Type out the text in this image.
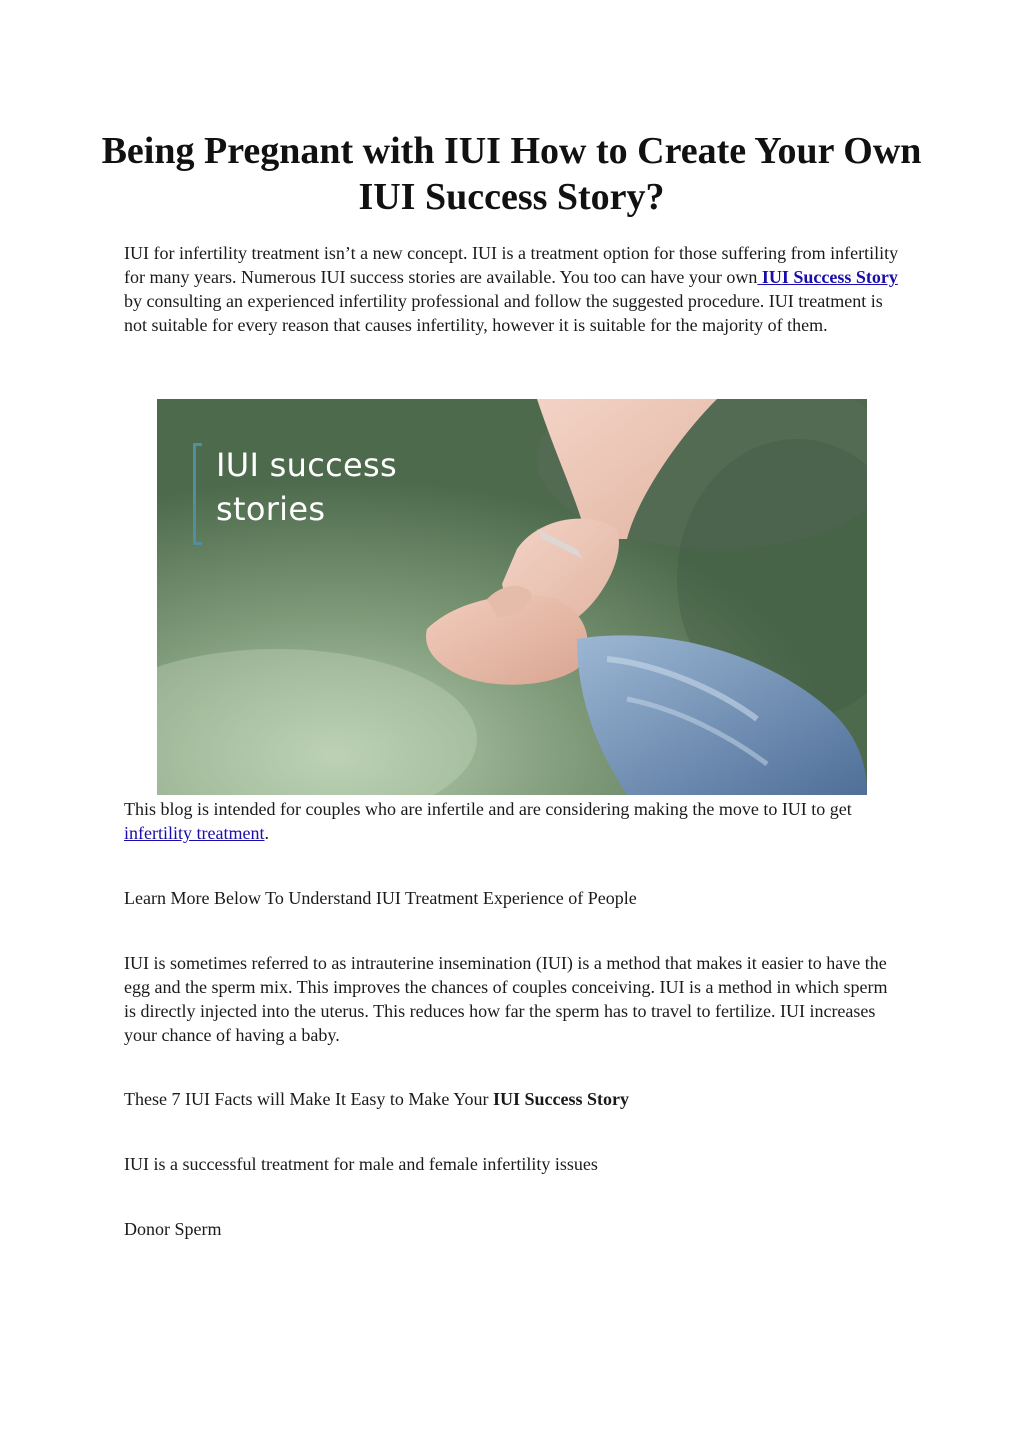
Being Pregnant with IUI How to Create Your Own IUI Success Story?

IUI for infertility treatment isn’t a new concept. IUI is a treatment option for those suffering from infertility for many years. Numerous IUI success stories are available. You too can have your own IUI Success Story by consulting an experienced infertility professional and follow the suggested procedure. IUI treatment is not suitable for every reason that causes infertility, however it is suitable for the majority of them.

IUI success
stories

This blog is intended for couples who are infertile and are considering making the move to IUI to get infertility treatment.

Learn More Below To Understand IUI Treatment Experience of People

IUI is sometimes referred to as intrauterine insemination (IUI) is a method that makes it easier to have the egg and the sperm mix. This improves the chances of couples conceiving. IUI is a method in which sperm is directly injected into the uterus. This reduces how far the sperm has to travel to fertilize. IUI increases your chance of having a baby.

These 7 IUI Facts will Make It Easy to Make Your IUI Success Story

IUI is a successful treatment for male and female infertility issues

Donor Sperm
